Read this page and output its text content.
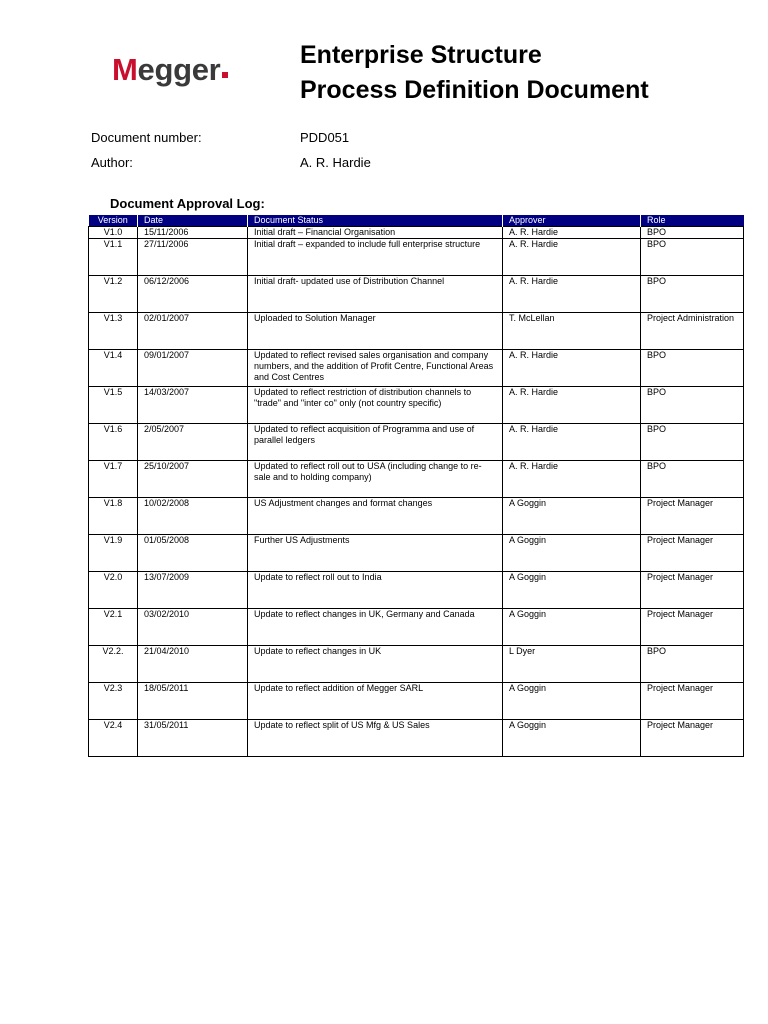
Megger	Enterprise Structure
Process Definition Document
Document number:	PDD051
Author:	A. R. Hardie
Document Approval Log:
Version	Date	Document Status	Approver	Role
V1.0	15/11/2006	Initial draft – Financial Organisation	A. R. Hardie	BPO
V1.1	27/11/2006	Initial draft – expanded to include full enterprise structure	A. R. Hardie	BPO
V1.2	06/12/2006	Initial draft- updated use of Distribution Channel	A. R. Hardie	BPO
V1.3	02/01/2007	Uploaded to Solution Manager	T. McLellan	Project Administration
V1.4	09/01/2007	Updated to reflect revised sales organisation and company numbers, and the addition of Profit Centre, Functional Areas and Cost Centres	A. R. Hardie	BPO
V1.5	14/03/2007	Updated to reflect restriction of distribution channels to "trade" and "inter co" only (not country specific)	A. R. Hardie	BPO
V1.6	2/05/2007	Updated to reflect acquisition of Programma and use of parallel ledgers	A. R. Hardie	BPO
V1.7	25/10/2007	Updated to reflect roll out to USA (including change to re-sale and to holding company)	A. R. Hardie	BPO
V1.8	10/02/2008	US Adjustment changes and format changes	A Goggin	Project Manager
V1.9	01/05/2008	Further US Adjustments	A Goggin	Project Manager
V2.0	13/07/2009	Update to reflect roll out to India	A Goggin	Project Manager
V2.1	03/02/2010	Update to reflect changes in UK, Germany and Canada	A Goggin	Project Manager
V2.2.	21/04/2010	Update to reflect changes in UK	L Dyer	BPO
V2.3	18/05/2011	Update to reflect addition of Megger SARL	A Goggin	Project Manager
V2.4	31/05/2011	Update to reflect split of US Mfg & US Sales	A Goggin	Project Manager
